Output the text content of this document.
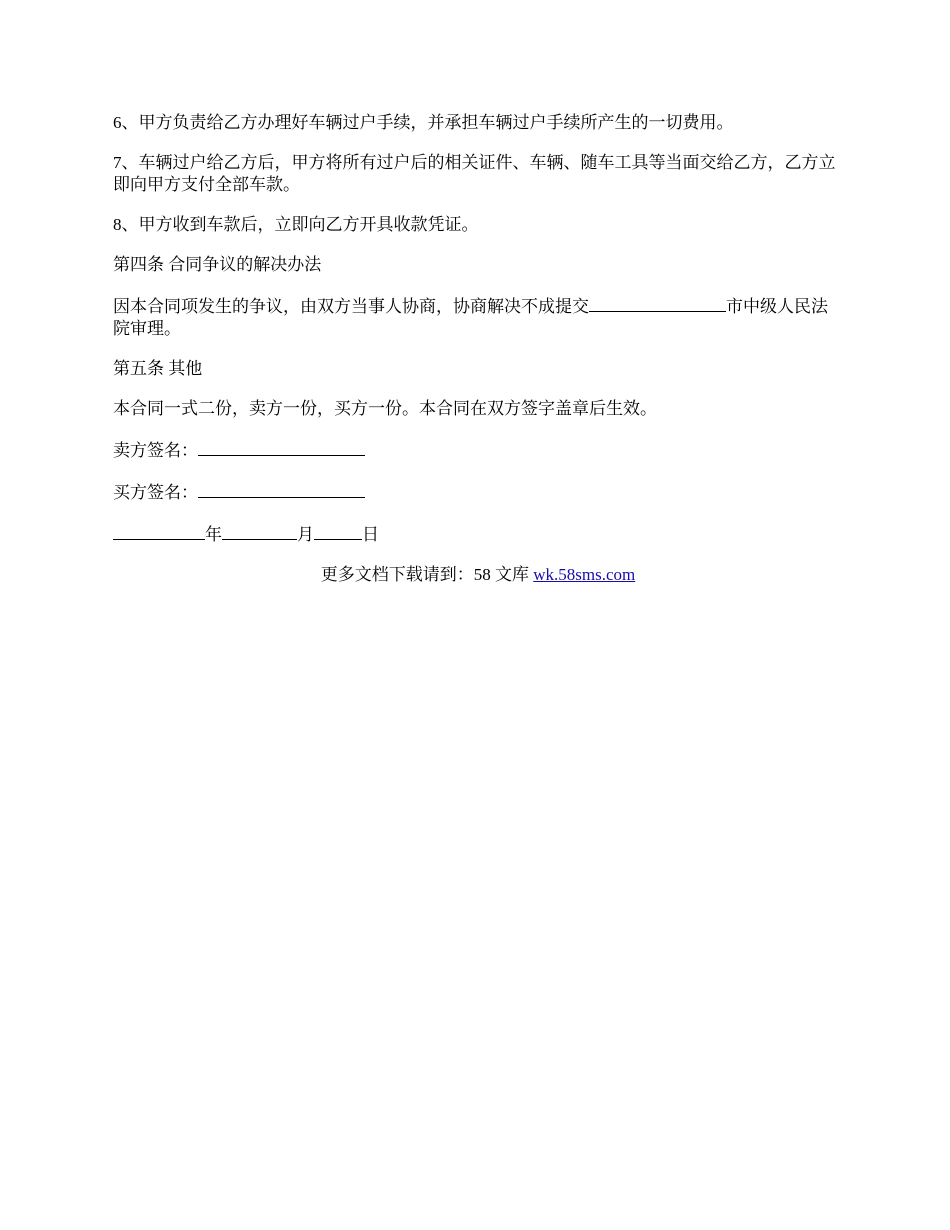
6、甲方负责给乙方办理好车辆过户手续，并承担车辆过户手续所产生的一切费用。

7、车辆过户给乙方后，甲方将所有过户后的相关证件、车辆、随车工具等当面交给乙方，乙方立即向甲方支付全部车款。

8、甲方收到车款后，立即向乙方开具收款凭证。

第四条 合同争议的解决办法

因本合同项发生的争议，由双方当事人协商，协商解决不成提交	市中级人民法院审理。

第五条 其他

本合同一式二份，卖方一份，买方一份。本合同在双方签字盖章后生效。

卖方签名：

买方签名：

年	月	日

更多文档下载请到：58 文库 wk.58sms.com
